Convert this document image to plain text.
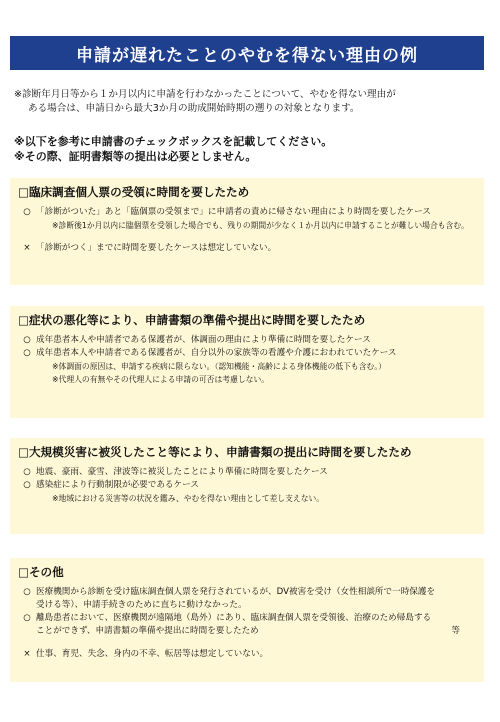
申請が遅れたことのやむを得ない理由の例
※診断年月日等から１か月以内に申請を行わなかったことについて、やむを得ない理由が
ある場合は、申請日から最大3か月の助成開始時期の遡りの対象となります。
※以下を参考に申請書のチェックボックスを記載してください。
※その際、証明書類等の提出は必要としません。
□臨床調査個人票の受領に時間を要したため
○ 「診断がついた」あと「臨個票の受領まで」に申請者の責めに帰さない理由により時間を要したケース
※診断後1か月以内に臨個票を受領した場合でも、残りの期間が少なく１か月以内に申請することが難しい場合も含む。
× 「診断がつく」までに時間を要したケースは想定していない。
□症状の悪化等により、申請書類の準備や提出に時間を要したため
○ 成年患者本人や申請者である保護者が、体調面の理由により準備に時間を要したケース
○ 成年患者本人や申請者である保護者が、自分以外の家族等の看護や介護におわれていたケース
※体調面の原因は、申請する疾病に限らない。（認知機能・高齢による身体機能の低下も含む。）
※代理人の有無やその代理人による申請の可否は考慮しない。
□大規模災害に被災したこと等により、申請書類の提出に時間を要したため
○ 地震、豪雨、豪雪、津波等に被災したことにより準備に時間を要したケース
○ 感染症により行動制限が必要であるケース
※地域における災害等の状況を鑑み、やむを得ない理由として差し支えない。
□その他
○ 医療機関から診断を受け臨床調査個人票を発行されているが、DV被害を受け（女性相談所で一時保護を
受ける等）、申請手続きのために直ちに動けなかった。
○ 離島患者において、医療機関が遠隔地（島外）にあり、臨床調査個人票を受領後、治療のため帰島する
ことができず、申請書類の準備や提出に時間を要したため	等
× 仕事、育児、失念、身内の不幸、転居等は想定していない。
